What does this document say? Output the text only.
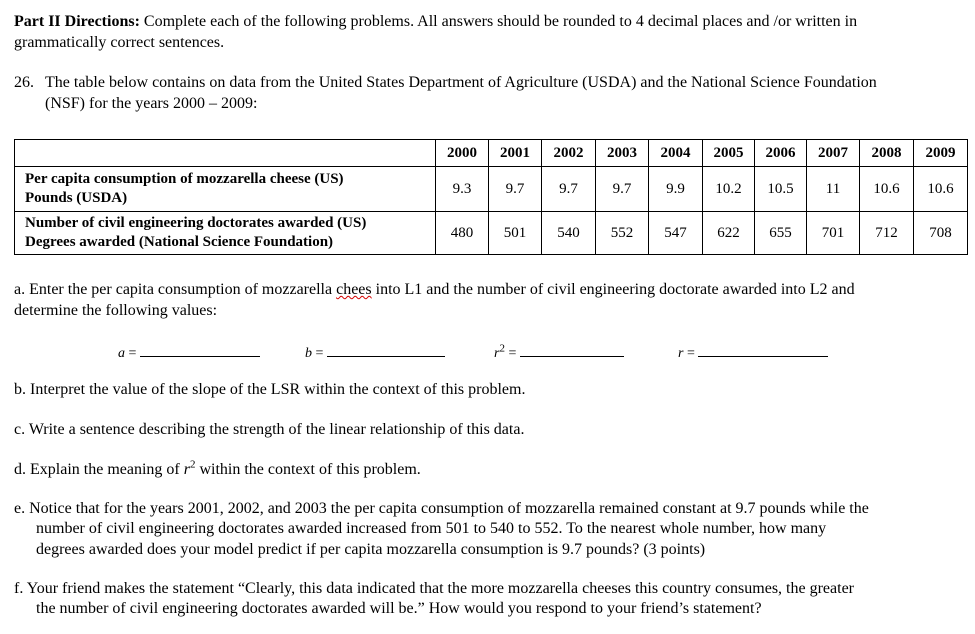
Part II Directions: Complete each of the following problems. All answers should be rounded to 4 decimal places and /or written in
grammatically correct sentences.
26. The table below contains on data from the United States Department of Agriculture (USDA) and the National Science Foundation
(NSF) for the years 2000 – 2009:
	2000	2001	2002	2003	2004	2005	2006	2007	2008	2009

Per capita consumption of mozzarella cheese (US)
Pounds (USDA)	9.3	9.7	9.7	9.7	9.9	10.2	10.5	11	10.6	10.6

Number of civil engineering doctorates awarded (US)
Degrees awarded (National Science Foundation)	480	501	540	552	547	622	655	701	712	708
a. Enter the per capita consumption of mozzarella chees into L1 and the number of civil engineering doctorate awarded into L2 and
determine the following values:
a =	b =	$r^2$ =	r =
b. Interpret the value of the slope of the LSR within the context of this problem.
c. Write a sentence describing the strength of the linear relationship of this data.
d. Explain the meaning of $r^2$ within the context of this problem.
e. Notice that for the years 2001, 2002, and 2003 the per capita consumption of mozzarella remained constant at 9.7 pounds while the
number of civil engineering doctorates awarded increased from 501 to 540 to 552. To the nearest whole number, how many
degrees awarded does your model predict if per capita mozzarella consumption is 9.7 pounds? (3 points)
f. Your friend makes the statement “Clearly, this data indicated that the more mozzarella cheeses this country consumes, the greater
the number of civil engineering doctorates awarded will be.” How would you respond to your friend’s statement?
